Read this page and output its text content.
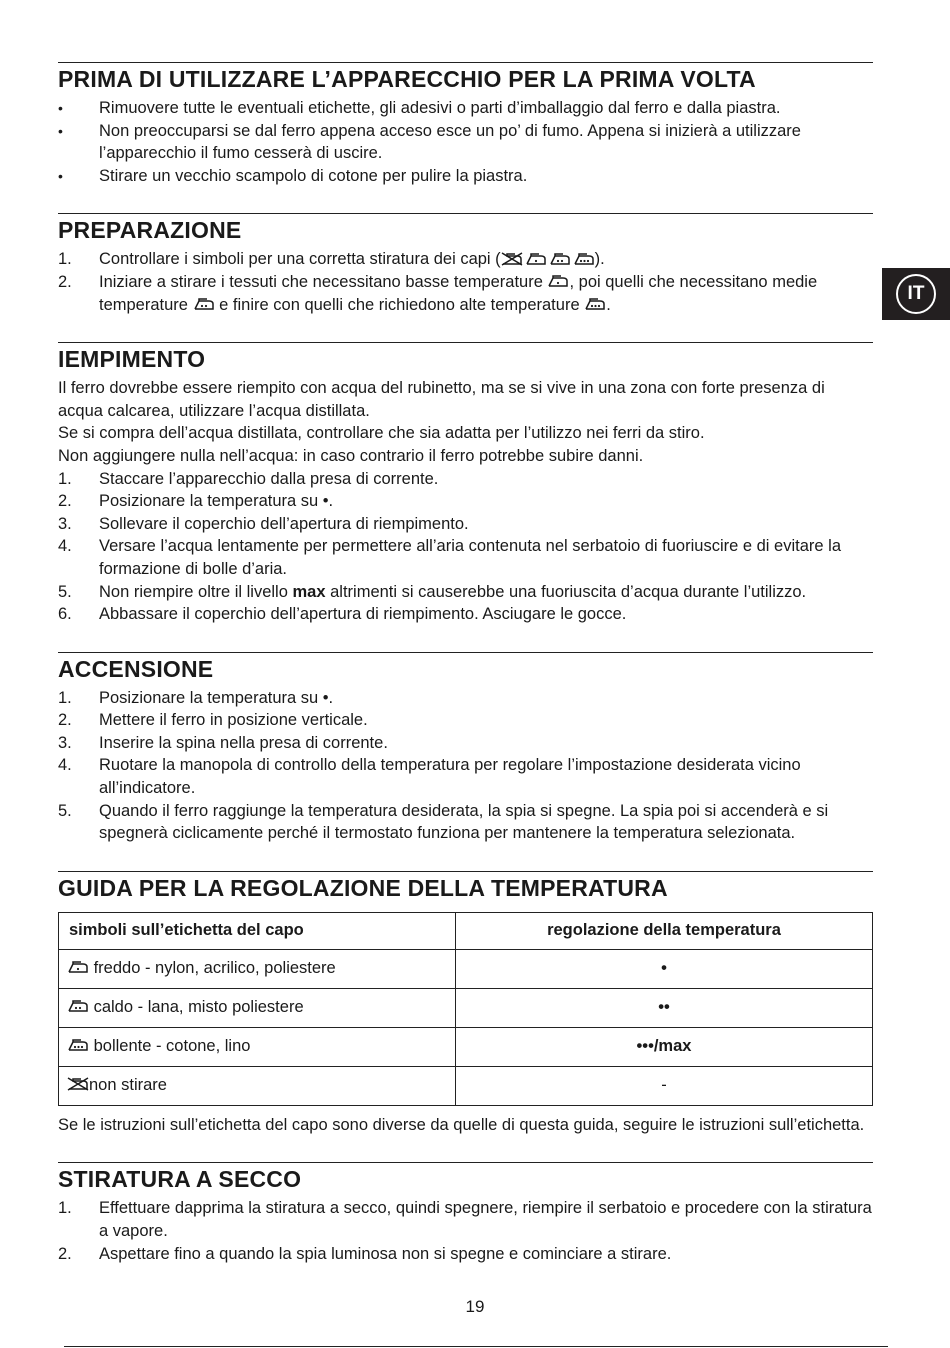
PRIMA DI UTILIZZARE L’APPARECCHIO PER LA PRIMA VOLTA
• Rimuovere tutte le eventuali etichette, gli adesivi o parti d’imballaggio dal ferro e dalla piastra.
• Non preoccuparsi se dal ferro appena acceso esce un po’ di fumo. Appena si inizierà a utilizzare l’apparecchio il fumo cesserà di uscire.
• Stirare un vecchio scampolo di cotone per pulire la piastra.
PREPARAZIONE
1. Controllare i simboli per una corretta stiratura dei capi (	).
2. Iniziare a stirare i tessuti che necessitano basse temperature , poi quelli che necessitano medie temperature e finire con quelli che richiedono alte temperature .
IEMPIMENTO

Il ferro dovrebbe essere riempito con acqua del rubinetto, ma se si vive in una zona con forte presenza di acqua calcarea, utilizzare l’acqua distillata.

Se si compra dell’acqua distillata, controllare che sia adatta per l’utilizzo nei ferri da stiro.

Non aggiungere nulla nell’acqua: in caso contrario il ferro potrebbe subire danni.

1. Staccare l’apparecchio dalla presa di corrente.
2. Posizionare la temperatura su •.
3. Sollevare il coperchio dell’apertura di riempimento.
4. Versare l’acqua lentamente per permettere all’aria contenuta nel serbatoio di fuoriuscire e di evitare la formazione di bolle d’aria.
5. Non riempire oltre il livello max altrimenti si causerebbe una fuoriuscita d’acqua durante l’utilizzo.
6. Abbassare il coperchio dell’apertura di riempimento. Asciugare le gocce.
ACCENSIONE
1. Posizionare la temperatura su •.
2. Mettere il ferro in posizione verticale.
3. Inserire la spina nella presa di corrente.
4. Ruotare la manopola di controllo della temperatura per regolare l’impostazione desiderata vicino all’indicatore.
5. Quando il ferro raggiunge la temperatura desiderata, la spia si spegne. La spia poi si accenderà e si spegnerà ciclicamente perché il termostato funziona per mantenere la temperatura selezionata.
GUIDA PER LA REGOLAZIONE DELLA TEMPERATURA
simboli sull’etichetta del capo	regolazione della temperatura

freddo - nylon, acrilico, poliestere	•

caldo - lana, misto poliestere	••

bollente - cotone, lino	•••/max

non stirare	-

Se le istruzioni sull’etichetta del capo sono diverse da quelle di questa guida, seguire le istruzioni sull’etichetta.

STIRATURA A SECCO
1. Effettuare dapprima la stiratura a secco, quindi spegnere, riempire il serbatoio e procedere con la stiratura a vapore.
2. Aspettare fino a quando la spia luminosa non si spegne e cominciare a stirare.
IT
19
